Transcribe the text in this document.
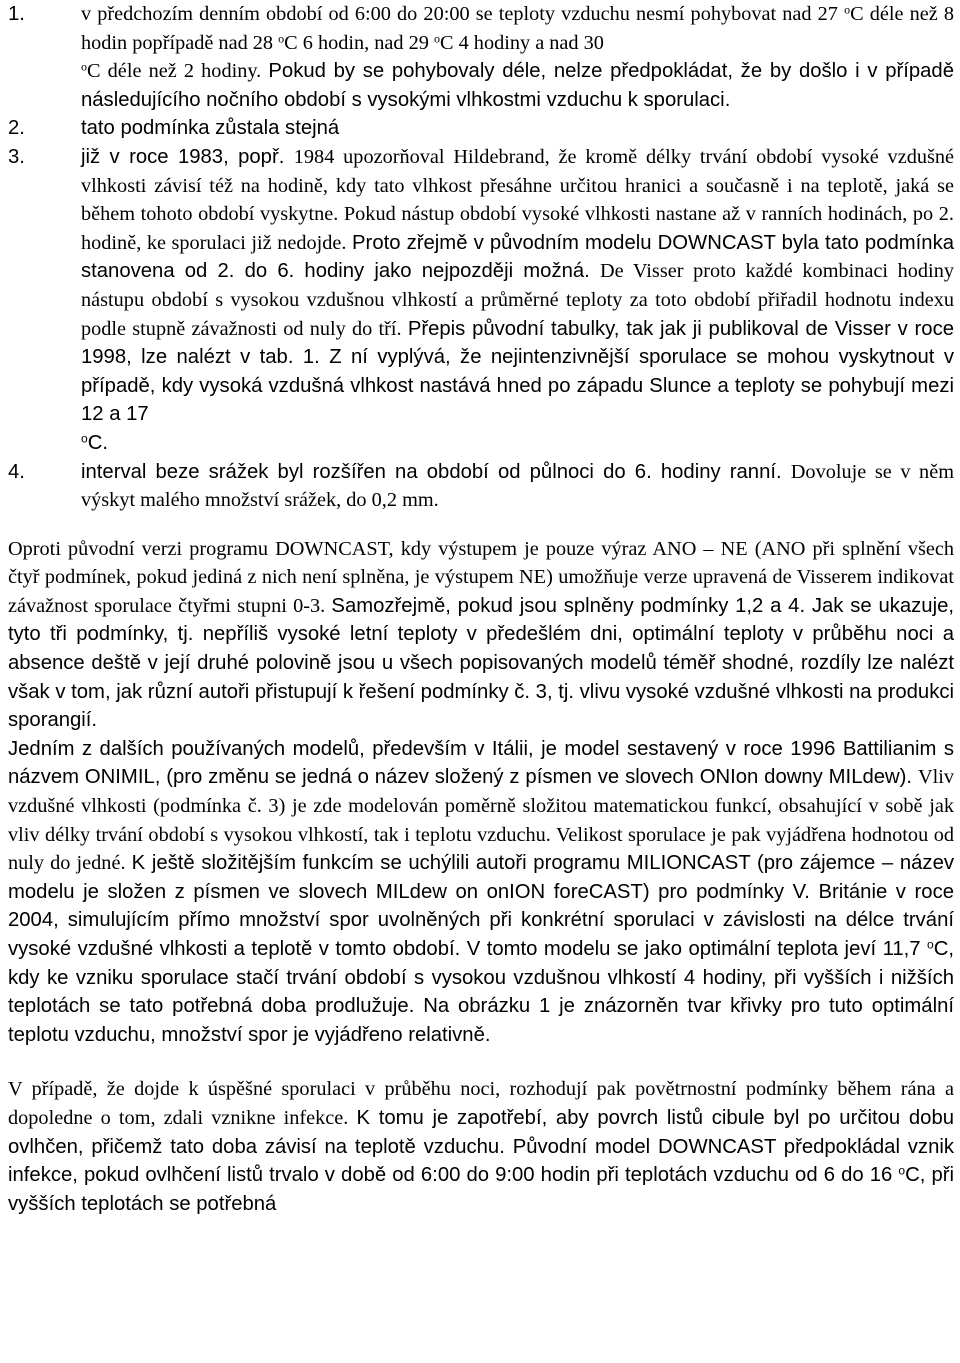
1.	v předchozím denním období od 6:00 do 20:00 se teploty vzduchu nesmí pohybovat nad 27 $^o$C déle než 8 hodin popřípadě nad 28 $^o$C 6 hodin, nad 29 $^o$C 4 hodiny a nad 30
$^o$C déle než 2 hodiny. Pokud by se pohybovaly déle, nelze předpokládat, že by došlo i v případě následujícího nočního období s vysokými vlhkostmi vzduchu k sporulaci.
2.	tato podmínka zůstala stejná
3.	již v roce 1983, popř. 1984 upozorňoval Hildebrand, že kromě délky trvání období vysoké vzdušné vlhkosti závisí též na hodině, kdy tato vlhkost přesáhne určitou hranici a současně i na teplotě, jaká se během tohoto období vyskytne. Pokud nástup období vysoké vlhkosti nastane až v ranních hodinách, po 2. hodině, ke sporulaci již nedojde. Proto zřejmě v původním modelu DOWNCAST byla tato podmínka stanovena od 2. do 6. hodiny jako nejpozději možná. De Visser proto každé kombinaci hodiny nástupu období s vysokou vzdušnou vlhkostí a průměrné teploty za toto období přiřadil hodnotu indexu podle stupně závažnosti od nuly do tří. Přepis původní tabulky, tak jak ji publikoval de Visser v roce 1998, lze nalézt v tab. 1. Z ní vyplývá, že nejintenzivnější sporulace se mohou vyskytnout v případě, kdy vysoká vzdušná vlhkost nastává hned po západu Slunce a teploty se pohybují mezi 12 a 17
$^o$C.
4.	interval beze srážek byl rozšířen na období od půlnoci do 6. hodiny ranní. Dovoluje se v něm výskyt malého množství srážek, do 0,2 mm.

Oproti původní verzi programu DOWNCAST, kdy výstupem je pouze výraz ANO – NE (ANO při splnění všech čtyř podmínek, pokud jediná z nich není splněna, je výstupem NE) umožňuje verze upravená de Visserem indikovat závažnost sporulace čtyřmi stupni 0-3. Samozřejmě, pokud jsou splněny podmínky 1,2 a 4. Jak se ukazuje, tyto tři podmínky, tj. nepříliš vysoké letní teploty v předešlém dni, optimální teploty v průběhu noci a absence deště v její druhé polovině jsou u všech popisovaných modelů téměř shodné, rozdíly lze nalézt však v tom, jak různí autoři přistupují k řešení podmínky č. 3, tj. vlivu vysoké vzdušné vlhkosti na produkci sporangií.

Jedním z dalších používaných modelů, především v Itálii, je model sestavený v roce 1996 Battilianim s názvem ONIMIL, (pro změnu se jedná o název složený z písmen ve slovech ONIon downy MILdew). Vliv vzdušné vlhkosti (podmínka č. 3) je zde modelován poměrně složitou matematickou funkcí, obsahující v sobě jak vliv délky trvání období s vysokou vlhkostí, tak i teplotu vzduchu. Velikost sporulace je pak vyjádřena hodnotou od nuly do jedné. K ještě složitějším funkcím se uchýlili autoři programu MILIONCAST (pro zájemce – název modelu je složen z písmen ve slovech MILdew on onION foreCAST) pro podmínky V. Británie v roce 2004, simulujícím přímo množství spor uvolněných při konkrétní sporulaci v závislosti na délce trvání vysoké vzdušné vlhkosti a teplotě v tomto období. V tomto modelu se jako optimální teplota jeví 11,7 $^o$C, kdy ke vzniku sporulace stačí trvání období s vysokou vzdušnou vlhkostí 4 hodiny, při vyšších i nižších teplotách se tato potřebná doba prodlužuje. Na obrázku 1 je znázorněn tvar křivky pro tuto optimální teplotu vzduchu, množství spor je vyjádřeno relativně.

V případě, že dojde k úspěšné sporulaci v průběhu noci, rozhodují pak povětrnostní podmínky během rána a dopoledne o tom, zdali vznikne infekce. K tomu je zapotřebí, aby povrch listů cibule byl po určitou dobu ovlhčen, přičemž tato doba závisí na teplotě vzduchu. Původní model DOWNCAST předpokládal vznik infekce, pokud ovlhčení listů trvalo v době od 6:00 do 9:00 hodin při teplotách vzduchu od 6 do 16 $^o$C, při vyšších teplotách se potřebná
